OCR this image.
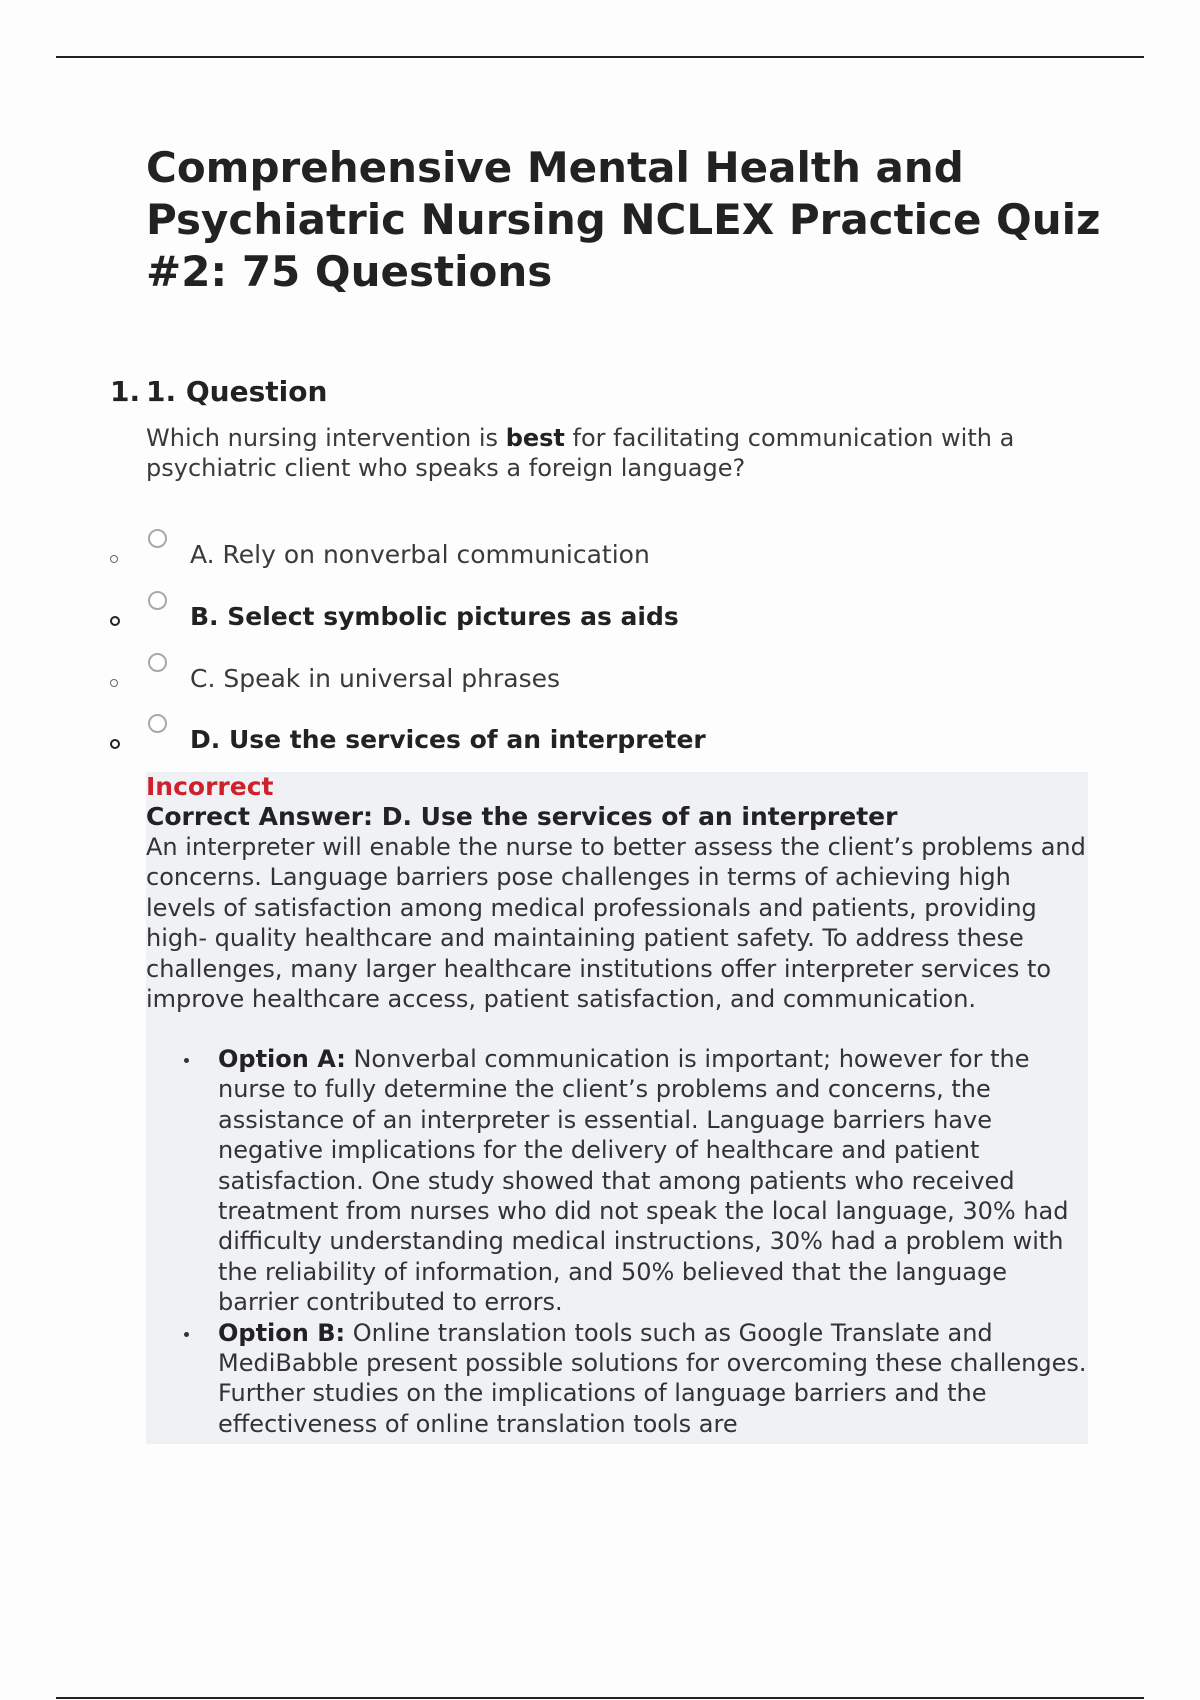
Comprehensive Mental Health and Psychiatric Nursing NCLEX Practice Quiz #2: 75 Questions
1. 1. Question
Which nursing intervention is best for facilitating communication with a psychiatric client who speaks a foreign language?
A. Rely on nonverbal communication
B. Select symbolic pictures as aids
C. Speak in universal phrases
D. Use the services of an interpreter
Incorrect
Correct Answer: D. Use the services of an interpreter
An interpreter will enable the nurse to better assess the client’s problems and concerns. Language barriers pose challenges in terms of achieving high levels of satisfaction among medical professionals and patients, providing high- quality healthcare and maintaining patient safety. To address these challenges, many larger healthcare institutions offer interpreter services to improve healthcare access, patient satisfaction, and communication.
Option A: Nonverbal communication is important; however for the nurse to fully determine the client’s problems and concerns, the assistance of an interpreter is essential. Language barriers have negative implications for the delivery of healthcare and patient satisfaction. One study showed that among patients who received treatment from nurses who did not speak the local language, 30% had difficulty understanding medical instructions, 30% had a problem with the reliability of information, and 50% believed that the language barrier contributed to errors.
Option B: Online translation tools such as Google Translate and MediBabble present possible solutions for overcoming these challenges. Further studies on the implications of language barriers and the effectiveness of online translation tools are
